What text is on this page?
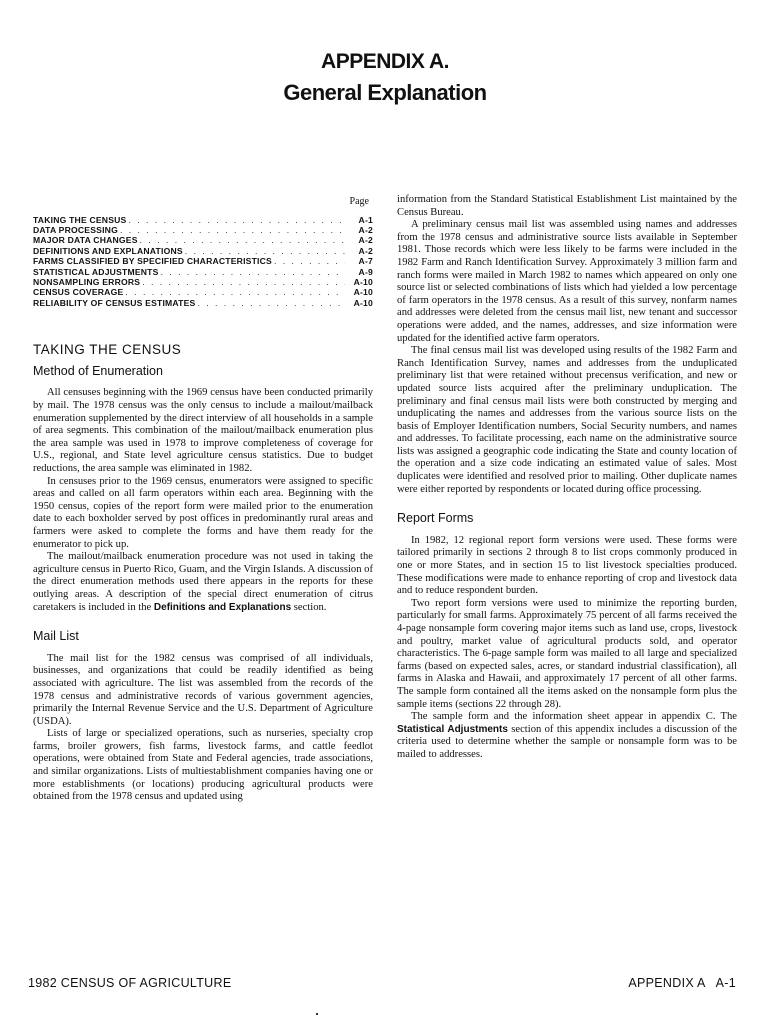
APPENDIX A.
General Explanation
Page
TAKING THE CENSUS . . .	A-1
DATA PROCESSING . . .	A-2
MAJOR DATA CHANGES . . .	A-2
DEFINITIONS AND EXPLANATIONS . . .	A-2
FARMS CLASSIFIED BY SPECIFIED CHARACTERISTICS . . .	A-7
STATISTICAL ADJUSTMENTS . . .	A-9
NONSAMPLING ERRORS . . .	A-10
CENSUS COVERAGE . . .	A-10
RELIABILITY OF CENSUS ESTIMATES . . .	A-10
TAKING THE CENSUS
Method of Enumeration

All censuses beginning with the 1969 census have been conducted primarily by mail. The 1978 census was the only census to include a mailout/mailback enumeration supplemented by the direct interview of all households in a sample of area segments. This combination of the mailout/mailback enumeration plus the area sample was used in 1978 to improve completeness of coverage for U.S., regional, and State level agriculture census statistics. Due to budget reductions, the area sample was eliminated in 1982.

In censuses prior to the 1969 census, enumerators were assigned to specific areas and called on all farm operators within each area. Beginning with the 1950 census, copies of the report form were mailed prior to the enumeration date to each boxholder served by post offices in predominantly rural areas and farmers were asked to complete the forms and have them ready for the enumerator to pick up.

The mailout/mailback enumeration procedure was not used in taking the agriculture census in Puerto Rico, Guam, and the Virgin Islands. A discussion of the direct enumeration methods used there appears in the reports for these outlying areas. A description of the special direct enumeration of citrus caretakers is included in the Definitions and Explanations section.

Mail List

The mail list for the 1982 census was comprised of all individuals, businesses, and organizations that could be readily identified as being associated with agriculture. The list was assembled from the records of the 1978 census and administrative records of various government agencies, primarily the Internal Revenue Service and the U.S. Department of Agriculture (USDA).

Lists of large or specialized operations, such as nurseries, specialty crop farms, broiler growers, fish farms, livestock farms, and cattle feedlot operations, were obtained from State and Federal agencies, trade associations, and similar organizations. Lists of multiestablishment companies having one or more establishments (or locations) producing agricultural products were obtained from the 1978 census and updated using

information from the Standard Statistical Establishment List maintained by the Census Bureau.

A preliminary census mail list was assembled using names and addresses from the 1978 census and administrative source lists available in September 1981. Those records which were less likely to be farms were included in the 1982 Farm and Ranch Identification Survey. Approximately 3 million farm and ranch forms were mailed in March 1982 to names which appeared on only one source list or selected combinations of lists which had yielded a low percentage of farm operators in the 1978 census. As a result of this survey, nonfarm names and addresses were deleted from the census mail list, new tenant and successor operations were added, and the names, addresses, and size information were updated for the identified active farm operators.

The final census mail list was developed using results of the 1982 Farm and Ranch Identification Survey, names and addresses from the unduplicated preliminary list that were retained without precensus verification, and new or updated source lists acquired after the preliminary unduplication. The preliminary and final census mail lists were both constructed by merging and unduplicating the names and addresses from the various source lists on the basis of Employer Identification numbers, Social Security numbers, and names and addresses. To facilitate processing, each name on the administrative source lists was assigned a geographic code indicating the State and county location of the operation and a size code indicating an estimated value of sales. Most duplicates were identified and resolved prior to mailing. Other duplicate names were either reported by respondents or located during office processing.

Report Forms

In 1982, 12 regional report form versions were used. These forms were tailored primarily in sections 2 through 8 to list crops commonly produced in one or more States, and in section 15 to list livestock specialties produced. These modifications were made to enhance reporting of crop and livestock data and to reduce respondent burden.

Two report form versions were used to minimize the reporting burden, particularly for small farms. Approximately 75 percent of all farms received the 4-page nonsample form covering major items such as land use, crops, livestock and poultry, market value of agricultural products sold, and operator characteristics. The 6-page sample form was mailed to all large and specialized farms (based on expected sales, acres, or standard industrial classification), all farms in Alaska and Hawaii, and approximately 17 percent of all other farms. The sample form contained all the items asked on the nonsample form plus the sample items (sections 22 through 28).

The sample form and the information sheet appear in appendix C. The Statistical Adjustments section of this appendix includes a discussion of the criteria used to determine whether the sample or nonsample form was to be mailed to addresses.

1982 CENSUS OF AGRICULTURE	APPENDIX A   A-1
